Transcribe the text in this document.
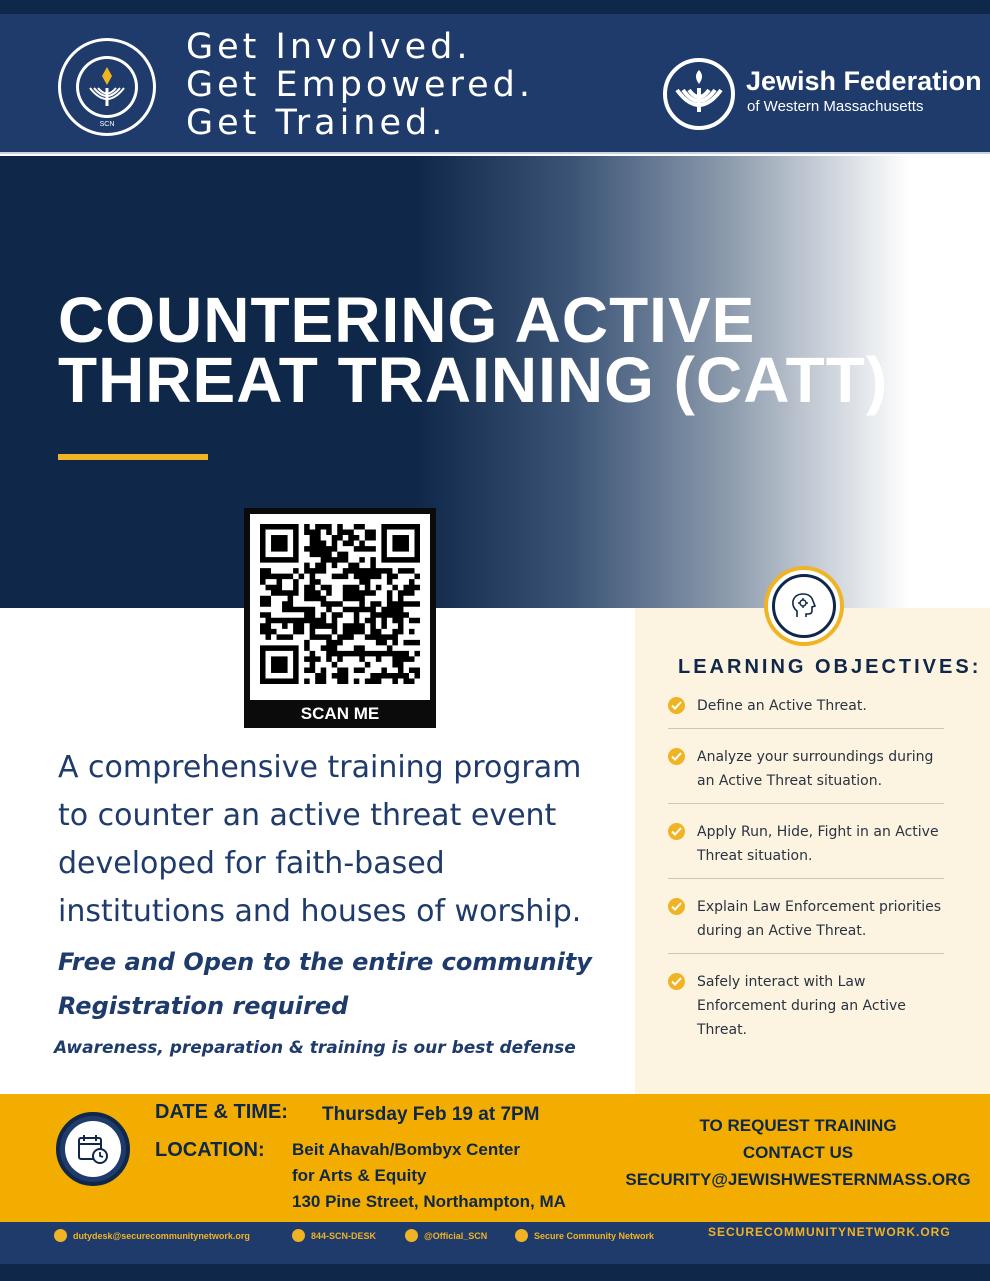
SCN
Get Involved.
Get Empowered.
Get Trained.
Jewish Federation
of Western Massachusetts
COUNTERING ACTIVE
THREAT TRAINING (CATT)
SCAN ME
LEARNING OBJECTIVES:
Define an Active Threat.
Analyze your surroundings during an Active Threat situation.
Apply Run, Hide, Fight in an Active Threat situation.
Explain Law Enforcement priorities during an Active Threat.
Safely interact with Law Enforcement during an Active Threat.

A comprehensive training program

to counter an active threat event

developed for faith-based

institutions and houses of worship.

Free and Open to the entire community

Registration required

Awareness, preparation & training is our best defense
DATE & TIME: Thursday Feb 19 at 7PM
LOCATION: Beit Ahavah/Bombyx Center

for Arts & Equity

130 Pine Street, Northampton, MA

TO REQUEST TRAINING

CONTACT US

SECURITY@JEWISHWESTERNMASS.ORG

dutydesk@securecommunitynetwork.org	844-SCN-DESK	@Official_SCN	Secure Community Network	SECURECOMMUNITYNETWORK.ORG
